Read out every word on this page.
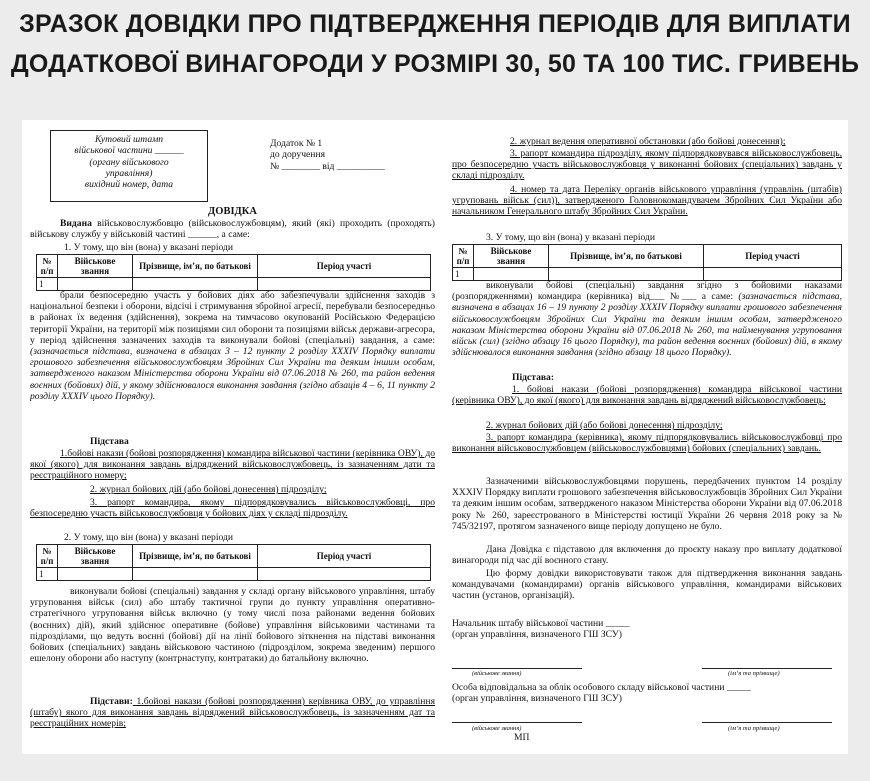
ЗРАЗОК ДОВІДКИ ПРО ПІДТВЕРДЖЕННЯ ПЕРІОДІВ ДЛЯ ВИПЛАТИ
ДОДАТКОВОЇ ВИНАГОРОДИ У РОЗМІРІ 30, 50 ТА 100 ТИС. ГРИВЕНЬ
Кутовий штамп
військової частини ______
(органу військового
управління)
вихідний номер, дата
Додаток № 1
до доручення
№ ________ від __________
ДОВІДКА
Видана військовослужбовцю (військовослужбовцям), який (які) проходить (проходять) військову службу у військовій частині ______, а саме:
1. У тому, що він (вона) у вказані періоди
№ п/п	Військове звання	Прізвище, ім’я, по батькові	Період участі
1			
брали безпосередню участь у бойових діях або забезпечували здійснення заходів з національної безпеки і оборони, відсічі і стримування збройної агресії, перебували безпосередньо в районах їх ведення (здійснення), зокрема на тимчасово окупованій Російською Федерацією території України, на території між позиціями сил оборони та позиціями військ держави-агресора, у період здійснення зазначених заходів та виконували бойові (спеціальні) завдання, а саме: (зазначається підстава, визначена в абзацах 3 – 12 пункту 2 розділу XXXIV Порядку виплати грошового забезпечення військовослужбовцям Збройних Сил України та деяким іншим особам, затвердженого наказом Міністерства оборони України від 07.06.2018 № 260, та район ведення воєнних (бойових) дій, у якому здійснювалося виконання завдання (згідно абзаців 4 – 6, 11 пункту 2 розділу XXXIV цього Порядку).
Підстава
1.бойові накази (бойові розпорядження) командира військової частини (керівника ОВУ), до якої (якого) для виконання завдань відряджений військовослужбовець, із зазначенням дати та реєстраційного номеру;
2. журнал бойових дій (або бойові донесення) підрозділу;
3. рапорт командира, якому підпорядковувались військовослужбовці, про безпосередню участь військовослужбовця у бойових діях у складі підрозділу.
2. У тому, що він (вона) у вказані періоди
№ п/п	Військове звання	Прізвище, ім’я, по батькові	Період участі
1			
виконували бойові (спеціальні) завдання у складі органу військового управління, штабу угруповання військ (сил) або штабу тактичної групи до пункту управління оперативно-стратегічного угруповання військ включно (у тому числі поза районами ведення бойових (воєнних) дій), який здійснює оперативне (бойове) управління військовими частинами та підрозділами, що ведуть воєнні (бойові) дії на лінії бойового зіткнення на підставі виконання бойових (спеціальних) завдань військовою частиною (підрозділом, зокрема зведеним) першого ешелону оборони або наступу (контрнаступу, контратаки) до батальйону включно.
Підстави: 1.бойові накази (бойові розпорядження) керівника ОВУ, до управління (штабу) якого для виконання завдань відряджений військовослужбовець, із зазначенням дат та реєстраційних номерів;
2. журнал ведення оперативної обстановки (або бойові донесення);
3. рапорт командира підрозділу, якому підпорядковувався військовослужбовець, про безпосередню участь військовослужбовця у виконанні бойових (спеціальних) завдань у складі підрозділу.
4. номер та дата Переліку органів військового управління (управлінь (штабів) угруповань військ (сил)), затвердженого Головнокомандувачем Збройних Сил України або начальником Генерального штабу Збройних Сил України.
3. У тому, що він (вона) у вказані періоди
№ п/п	Військове звання	Прізвище, ім’я, по батькові	Період участі
1			
виконували бойові (спеціальні) завдання згідно з бойовими наказами (розпорядженнями) командира (керівника) від___ №___ а саме: (зазначається підстава, визначена в абзацах 16 – 19 пункту 2 розділу XXXIV Порядку виплати грошового забезпечення військовослужбовцям Збройних Сил України та деяким іншим особам, затвердженого наказом Міністерства оборони України від 07.06.2018 № 260, та найменування угруповання військ (сил) (згідно абзацу 16 цього Порядку), та район ведення воєнних (бойових) дій, в якому здійснювалося виконання завдання (згідно абзацу 18 цього Порядку).
Підстава:
1. бойові накази (бойові розпорядження) командира військової частини (керівника ОВУ), до якої (якого) для виконання завдань відряджений військовослужбовець;
2. журнал бойових дій (або бойові донесення) підрозділу;
3. рапорт командира (керівника), якому підпорядковувались військовослужбовці про виконання військовослужбовцем (військовослужбовцями) бойових (спеціальних) завдань.
Зазначеними військовослужбовцями порушень, передбачених пунктом 14 розділу XXXIV Порядку виплати грошового забезпечення військовослужбовців Збройних Сил України та деяким іншим особам, затвердженого наказом Міністерства оборони України від 07.06.2018 року № 260, зареєстрованого в Міністерстві юстиції України 26 червня 2018 року за № 745/32197, протягом зазначеного вище періоду допущено не було.
Дана Довідка є підставою для включення до проєкту наказу про виплату додаткової винагороди під час дії воєнного стану.
Цю форму довідки використовувати також для підтвердження виконання завдань командувачами (командирами) органів військового управління, командирами військових частин (установ, організацій).
Начальник штабу військової частини _____
(орган управління, визначеного ГШ ЗСУ)
(військове звання)	(ім’я та прізвище)
Особа відповідальна за облік особового складу військової частини _____
(орган управління, визначеного ГШ ЗСУ)
(військове звання)	(ім’я та прізвище)
МП
